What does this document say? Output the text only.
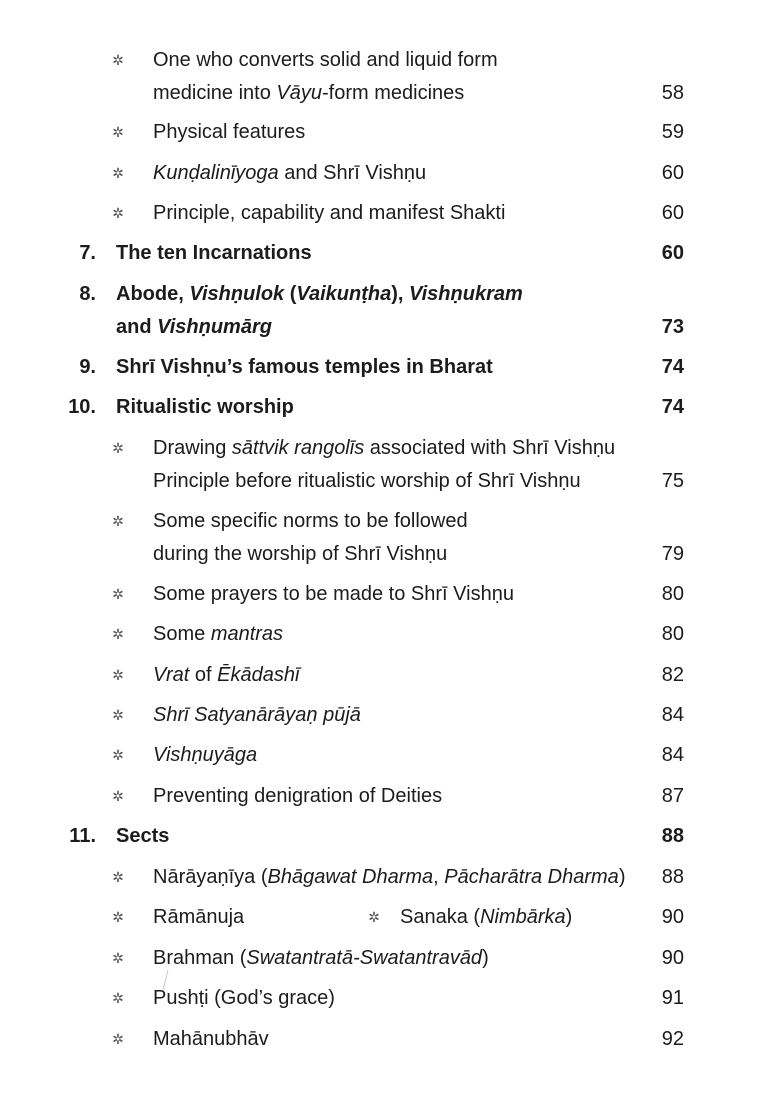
✲ One who converts solid and liquid form
medicine into Vāyu-form medicines	58
✲ Physical features	59
✲ Kunḍalinīyoga and Shrī Vishṇu	60
✲ Principle, capability and manifest Shakti	60
7. The ten Incarnations	60
8. Abode, Vishṇulok (Vaikunṭha), Vishṇukram
and Vishṇumārg	73
9. Shrī Vishṇu’s famous temples in Bharat	74
10. Ritualistic worship	74
✲ Drawing sāttvik rangolīs associated with Shrī Vishṇu
Principle before ritualistic worship of Shrī Vishṇu	75
✲ Some specific norms to be followed
during the worship of Shrī Vishṇu	79
✲ Some prayers to be made to Shrī Vishṇu	80
✲ Some mantras	80
✲ Vrat of Ēkādashī	82
✲ Shrī Satyanārāyaṇ pūjā	84
✲ Vishṇuyāga	84
✲ Preventing denigration of Deities	87
11. Sects	88
✲ Nārāyaṇīya (Bhāgawat Dharma, Pācharātra Dharma) 88
✲ Rāmānuja	✲ Sanaka (Nimbārka)	90
✲ Brahman (Swatantratā-Swatantravād)	90
✲ Pushṭi (God’s grace)	91
✲ Mahānubhāv	92
